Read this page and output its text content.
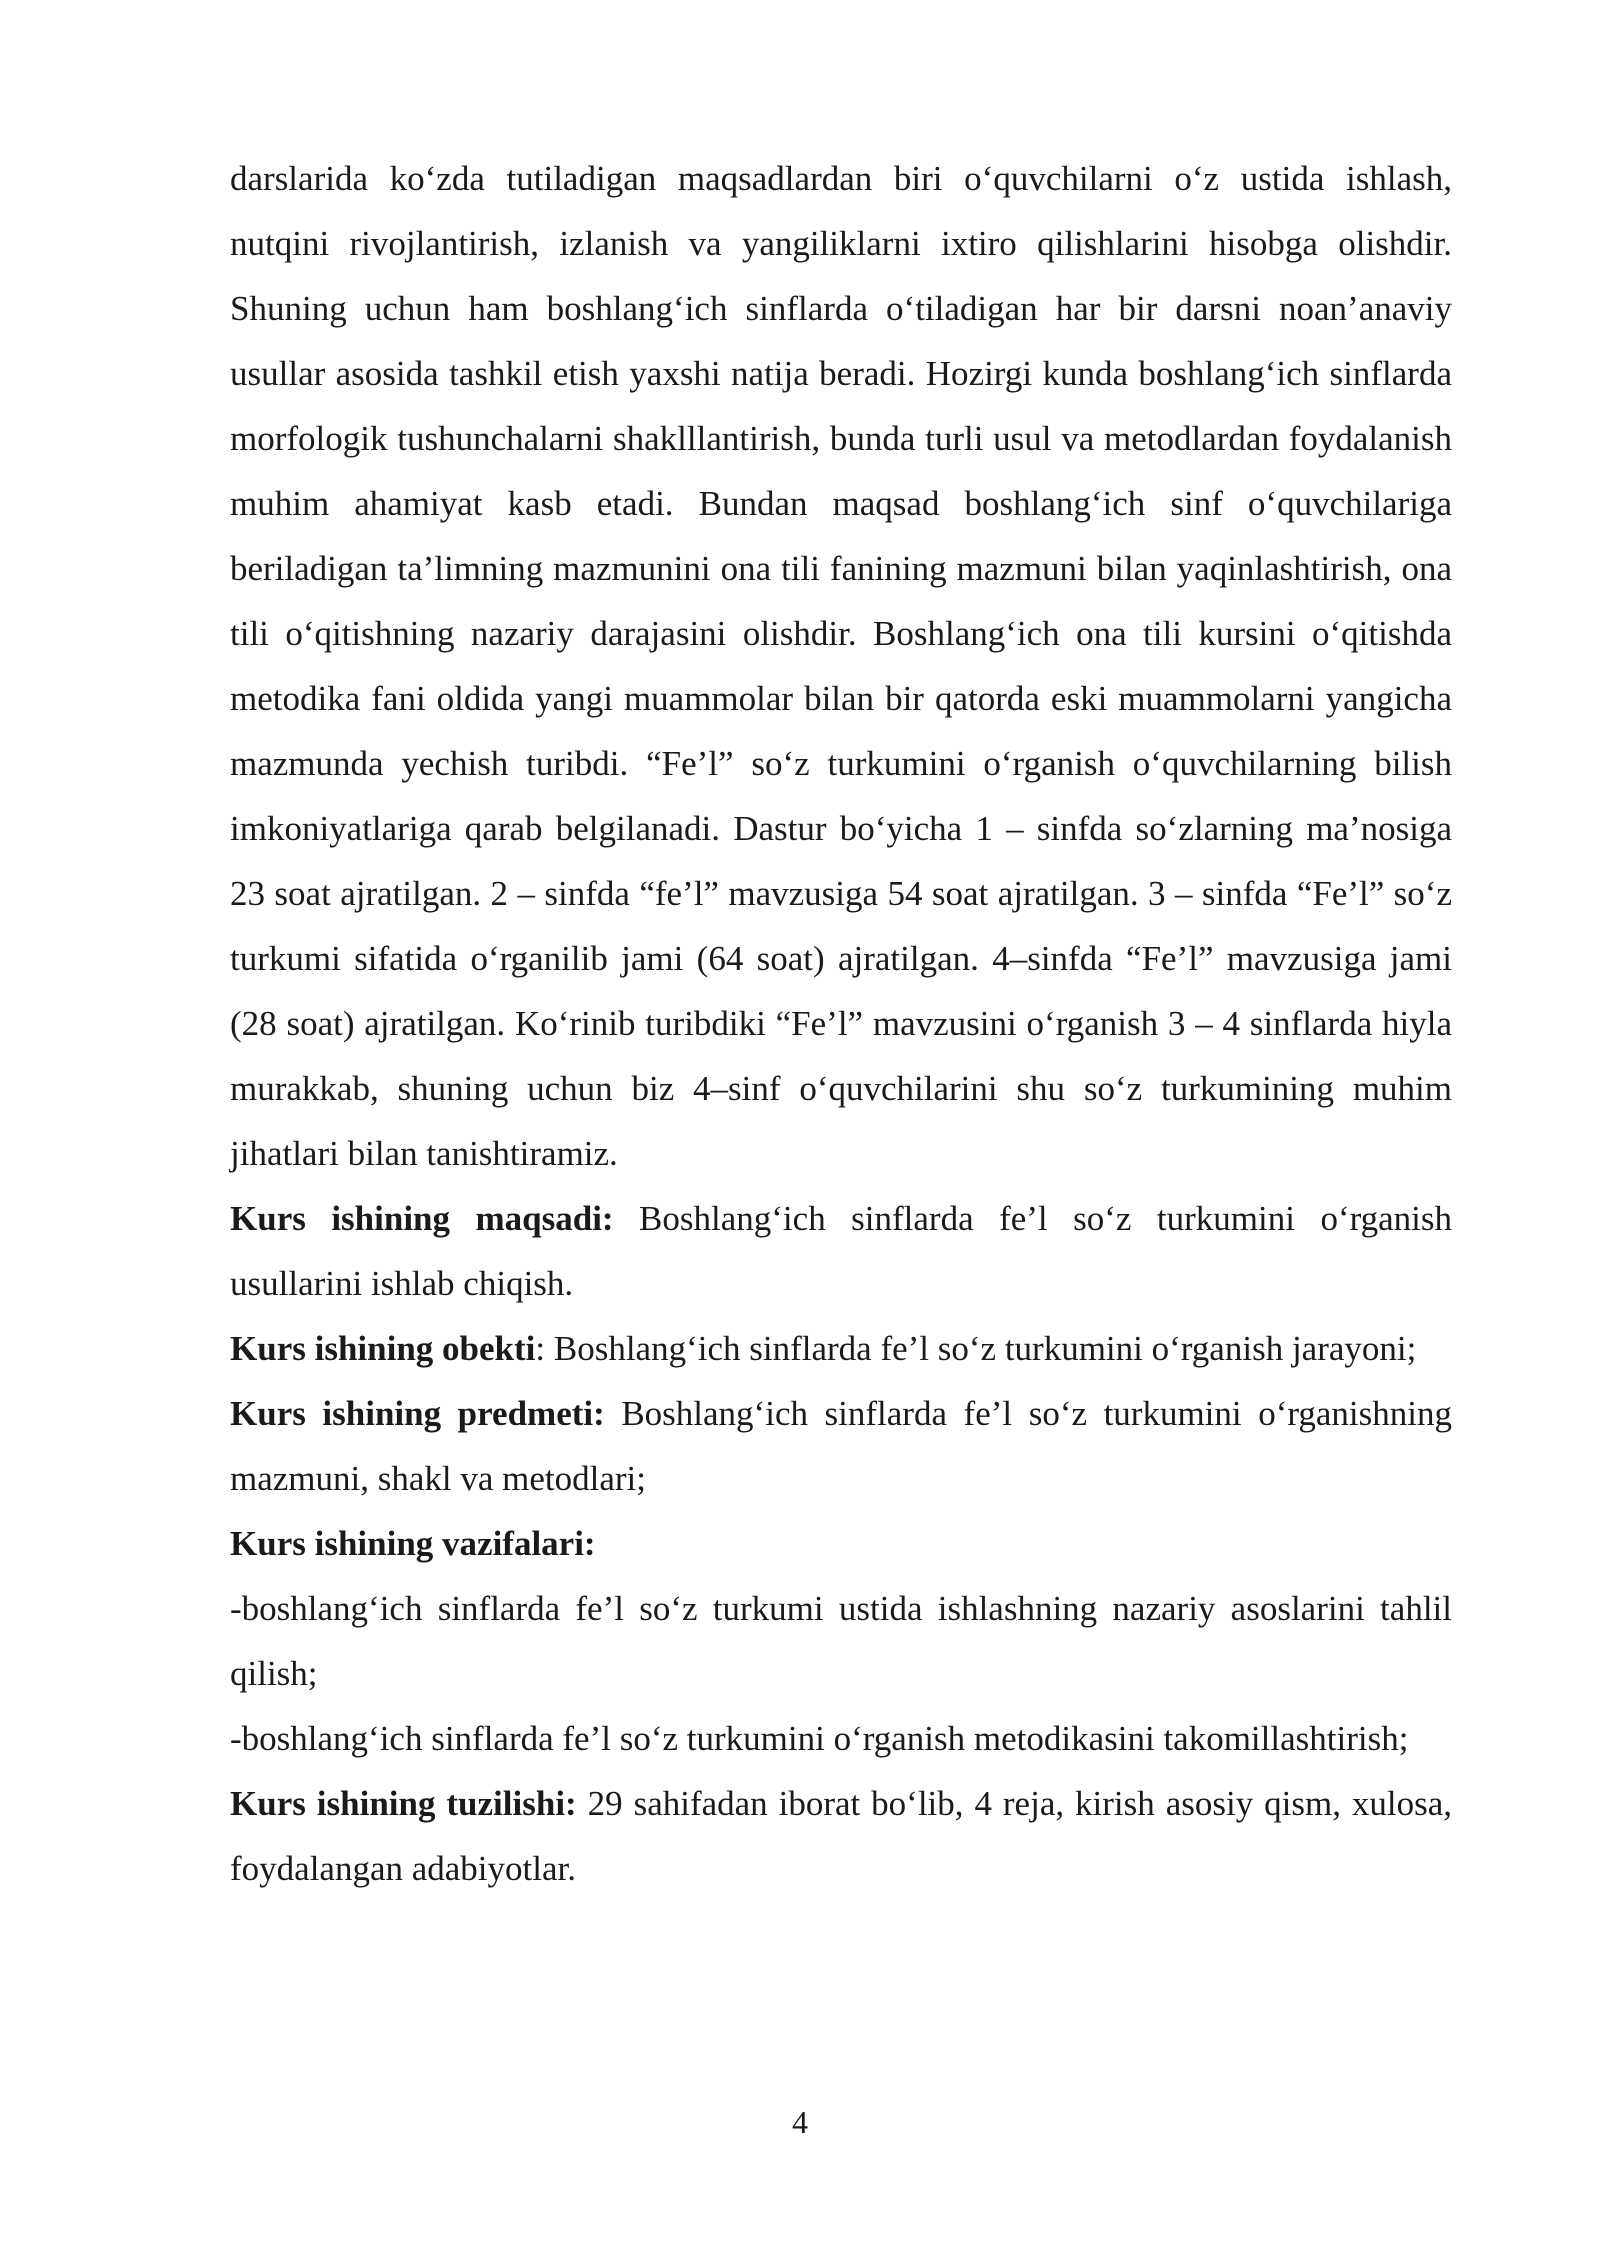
darslarida ko‘zda tutiladigan maqsadlardan biri o‘quvchilarni o‘z ustida ishlash, nutqini rivojlantirish, izlanish va yangiliklarni ixtiro qilishlarini hisobga olishdir. Shuning uchun ham boshlang‘ich sinflarda o‘tiladigan har bir darsni noan’anaviy usullar asosida tashkil etish yaxshi natija beradi. Hozirgi kunda boshlang‘ich sinflarda morfologik tushunchalarni shaklllantirish, bunda turli usul va metodlardan foydalanish muhim ahamiyat kasb etadi. Bundan maqsad boshlang‘ich sinf o‘quvchilariga beriladigan ta’limning mazmunini ona tili fanining mazmuni bilan yaqinlashtirish, ona tili o‘qitishning nazariy darajasini olishdir. Boshlang‘ich ona tili kursini o‘qitishda metodika fani oldida yangi muammolar bilan bir qatorda eski muammolarni yangicha mazmunda yechish turibdi. “Fe’l” so‘z turkumini o‘rganish o‘quvchilarning bilish imkoniyatlariga qarab belgilanadi. Dastur bo‘yicha 1 – sinfda so‘zlarning ma’nosiga 23 soat ajratilgan. 2 – sinfda “fe’l” mavzusiga 54 soat ajratilgan. 3 – sinfda “Fe’l” so‘z turkumi sifatida o‘rganilib jami (64 soat) ajratilgan. 4–sinfda “Fe’l” mavzusiga jami (28 soat) ajratilgan. Ko‘rinib turibdiki “Fe’l” mavzusini o‘rganish 3 – 4 sinflarda hiyla murakkab, shuning uchun biz 4–sinf o‘quvchilarini shu so‘z turkumining muhim jihatlari bilan tanishtiramiz.

Kurs ishining maqsadi: Boshlang‘ich sinflarda fe’l so‘z turkumini o‘rganish usullarini ishlab chiqish.

Kurs ishining obekti: Boshlang‘ich sinflarda fe’l so‘z turkumini o‘rganish jarayoni;

Kurs ishining predmeti: Boshlang‘ich sinflarda fe’l so‘z turkumini o‘rganishning mazmuni, shakl va metodlari;

Kurs ishining vazifalari:

-boshlang‘ich sinflarda fe’l so‘z turkumi ustida ishlashning nazariy asoslarini tahlil qilish;

-boshlang‘ich sinflarda fe’l so‘z turkumini o‘rganish metodikasini takomillashtirish;

Kurs ishining tuzilishi: 29 sahifadan iborat bo‘lib, 4 reja, kirish asosiy qism, xulosa, foydalangan adabiyotlar.

4
